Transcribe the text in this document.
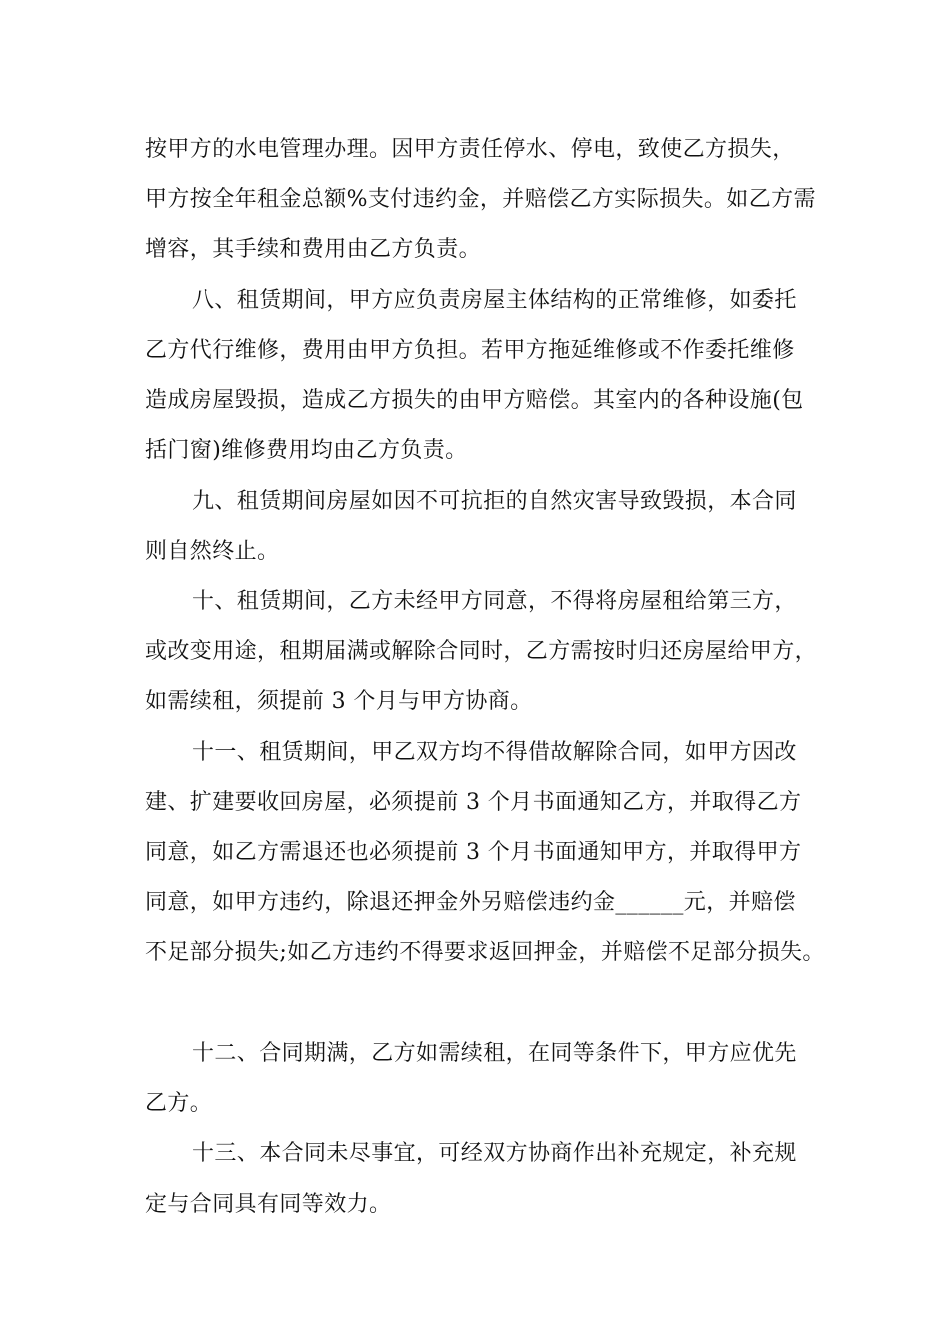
按甲方的水电管理办理。因甲方责任停水、停电，致使乙方损失，
甲方按全年租金总额%支付违约金，并赔偿乙方实际损失。如乙方需
增容，其手续和费用由乙方负责。
八、租赁期间，甲方应负责房屋主体结构的正常维修，如委托
乙方代行维修，费用由甲方负担。若甲方拖延维修或不作委托维修
造成房屋毁损，造成乙方损失的由甲方赔偿。其室内的各种设施(包
括门窗)维修费用均由乙方负责。
九、租赁期间房屋如因不可抗拒的自然灾害导致毁损，本合同
则自然终止。
十、租赁期间，乙方未经甲方同意，不得将房屋租给第三方，
或改变用途，租期届满或解除合同时，乙方需按时归还房屋给甲方，
如需续租，须提前 3 个月与甲方协商。
十一、租赁期间，甲乙双方均不得借故解除合同，如甲方因改
建、扩建要收回房屋，必须提前 3 个月书面通知乙方，并取得乙方
同意，如乙方需退还也必须提前 3 个月书面通知甲方，并取得甲方
同意，如甲方违约，除退还押金外另赔偿违约金______元，并赔偿
不足部分损失;如乙方违约不得要求返回押金，并赔偿不足部分损失。
十二、合同期满，乙方如需续租，在同等条件下，甲方应优先
乙方。
十三、本合同未尽事宜，可经双方协商作出补充规定，补充规
定与合同具有同等效力。
